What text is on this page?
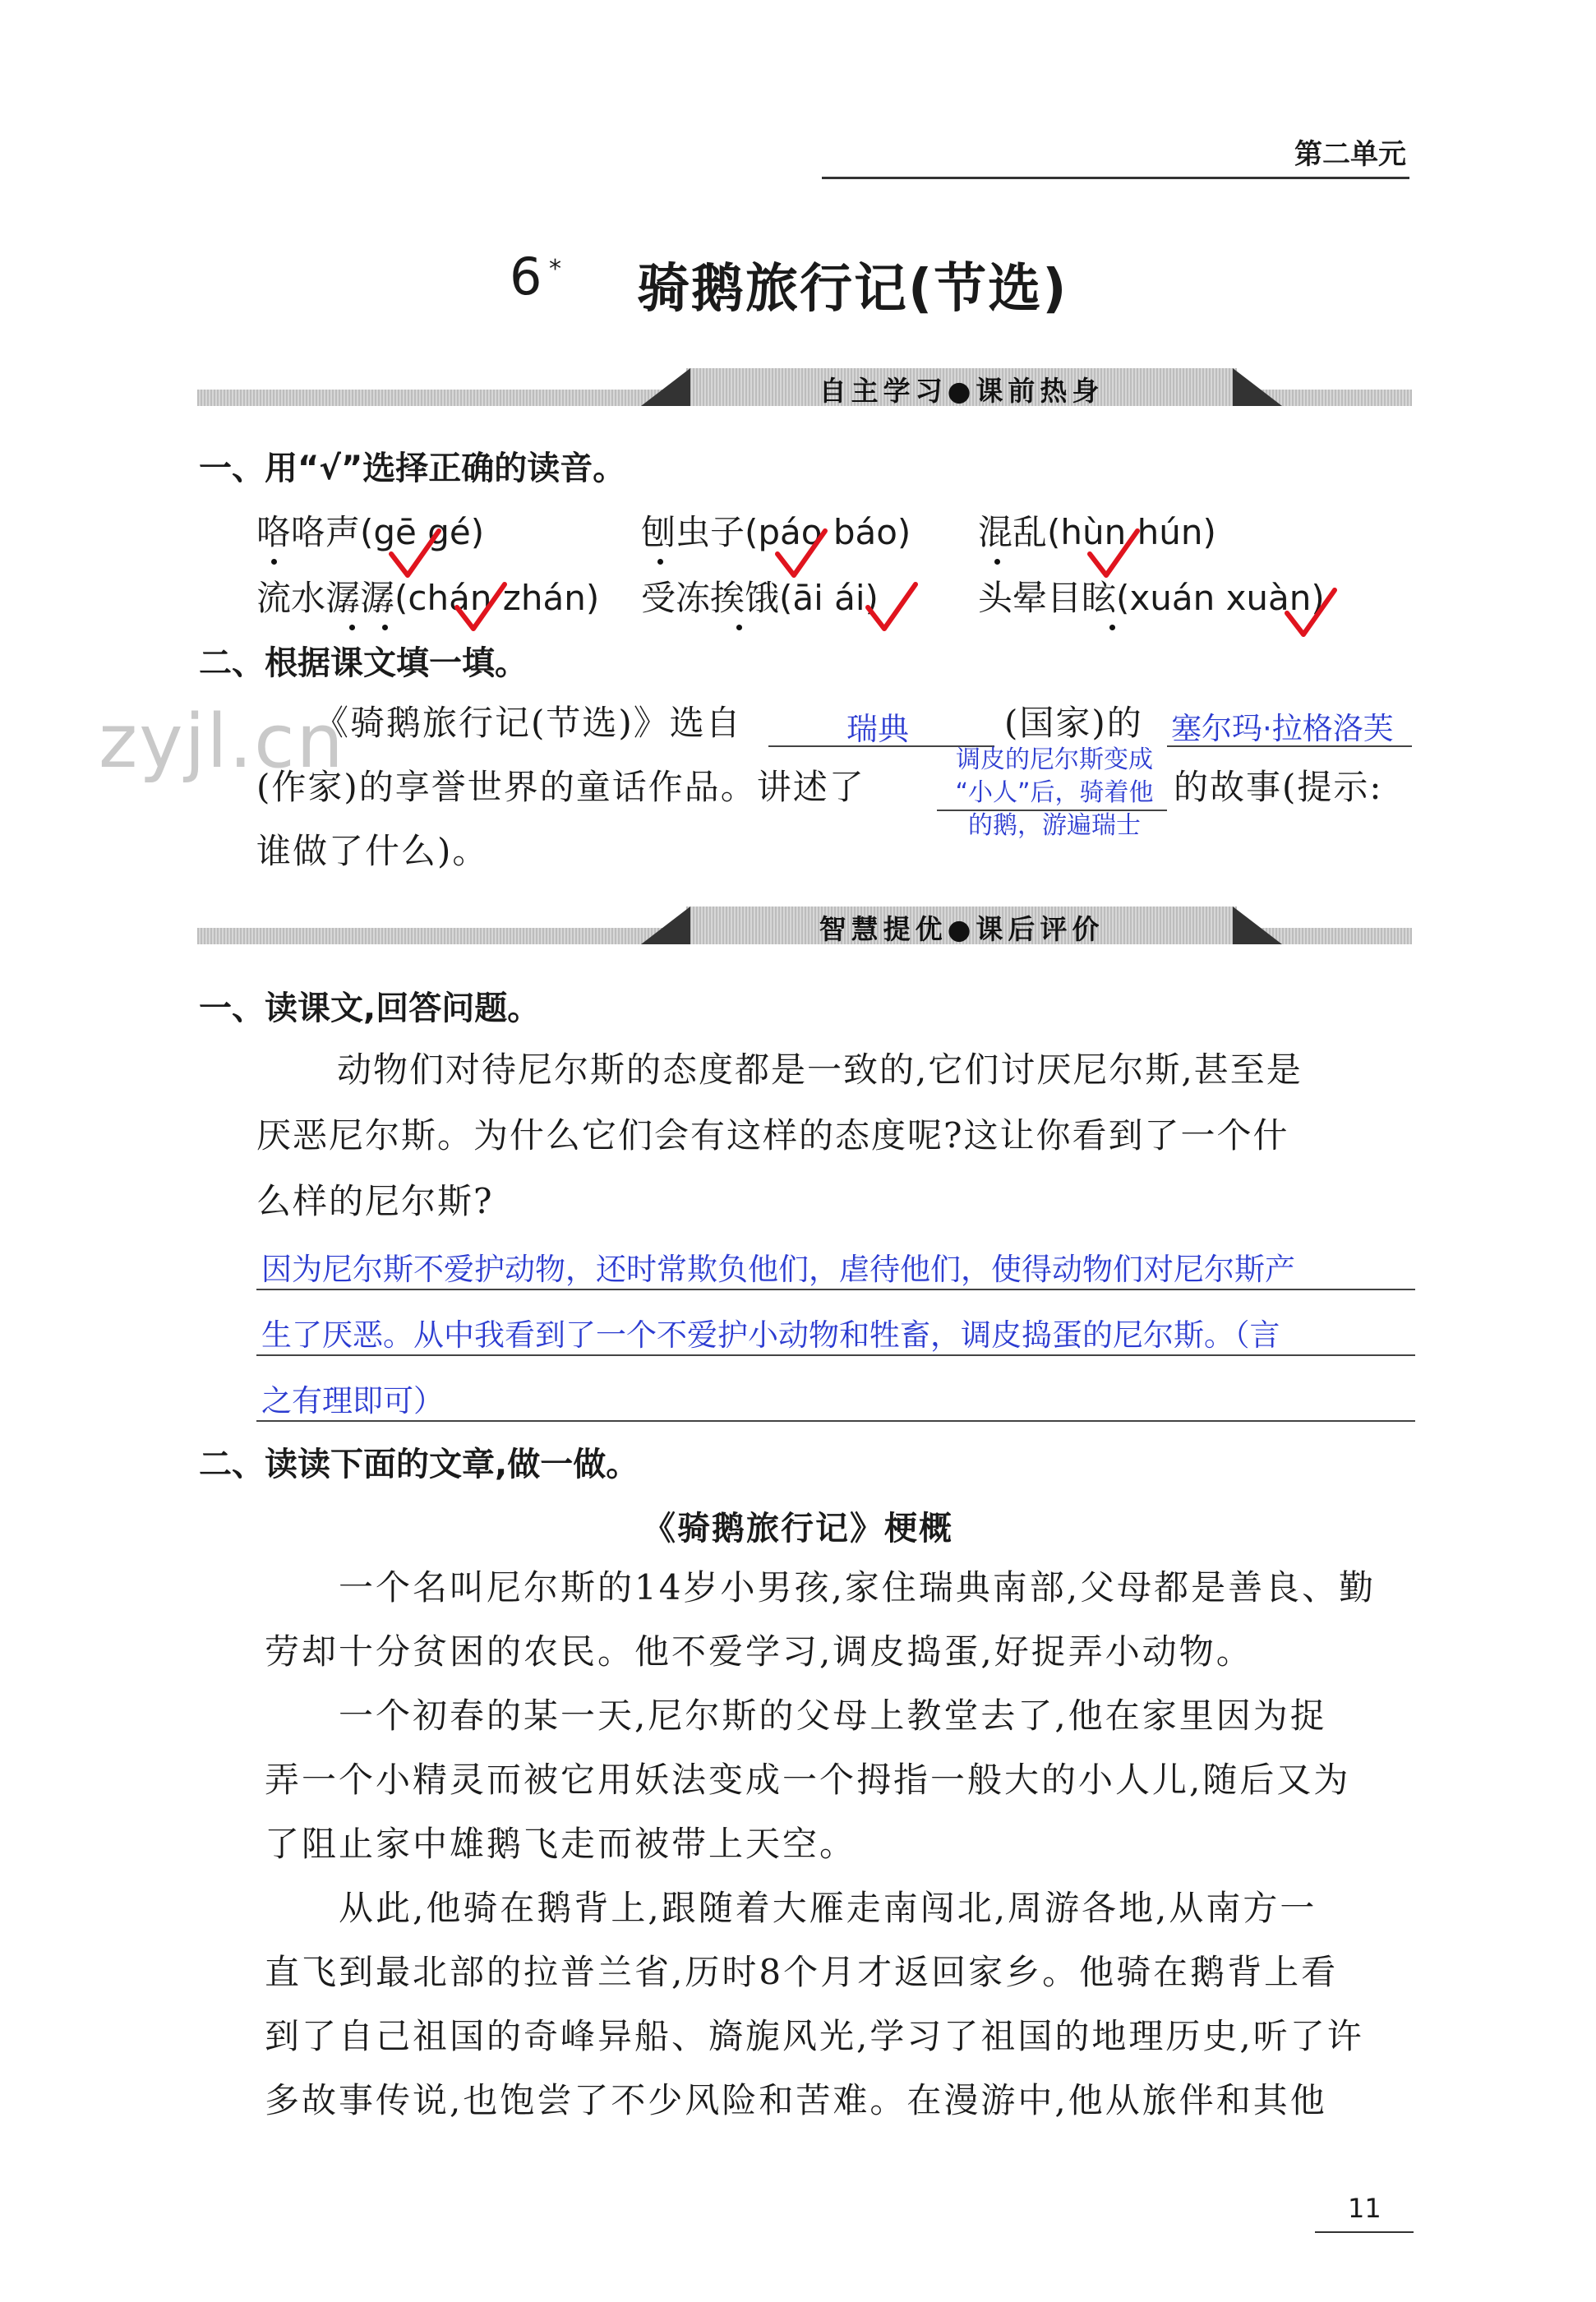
第二单元
6 * 骑鹅旅行记(节选)
自主学习●课前热身
一、用“√”选择正确的读音。
咯咯声(gē gé)	刨虫子(páo báo) 混乱(hùn hún)
流水潺潺(chán zhán) 受冻挨饿(āi ái)	头晕目眩(xuán xuàn)
二、根据课文填一填。
zyjl.cn
《骑鹅旅行记(节选)》选自	瑞典	(国家)的 塞尔玛·拉格洛芙
(作家)的享誉世界的童话作品。讲述了
调皮的尼尔斯变成
“小人”后，骑着他
的鹅，游遍瑞士
的故事(提示:
谁做了什么)。
智慧提优●课后评价
一、读课文,回答问题。
动物们对待尼尔斯的态度都是一致的,它们讨厌尼尔斯,甚至是
厌恶尼尔斯。为什么它们会有这样的态度呢?这让你看到了一个什
么样的尼尔斯?
因为尼尔斯不爱护动物，还时常欺负他们，虐待他们，使得动物们对尼尔斯产
生了厌恶。从中我看到了一个不爱护小动物和牲畜，调皮捣蛋的尼尔斯。（言
之有理即可）
二、读读下面的文章,做一做。
《骑鹅旅行记》梗概
一个名叫尼尔斯的14岁小男孩,家住瑞典南部,父母都是善良、勤
劳却十分贫困的农民。他不爱学习,调皮捣蛋,好捉弄小动物。
一个初春的某一天,尼尔斯的父母上教堂去了,他在家里因为捉
弄一个小精灵而被它用妖法变成一个拇指一般大的小人儿,随后又为
了阻止家中雄鹅飞走而被带上天空。
从此,他骑在鹅背上,跟随着大雁走南闯北,周游各地,从南方一
直飞到最北部的拉普兰省,历时8个月才返回家乡。他骑在鹅背上看
到了自己祖国的奇峰异船、旖旎风光,学习了祖国的地理历史,听了许
多故事传说,也饱尝了不少风险和苦难。在漫游中,他从旅伴和其他
11
